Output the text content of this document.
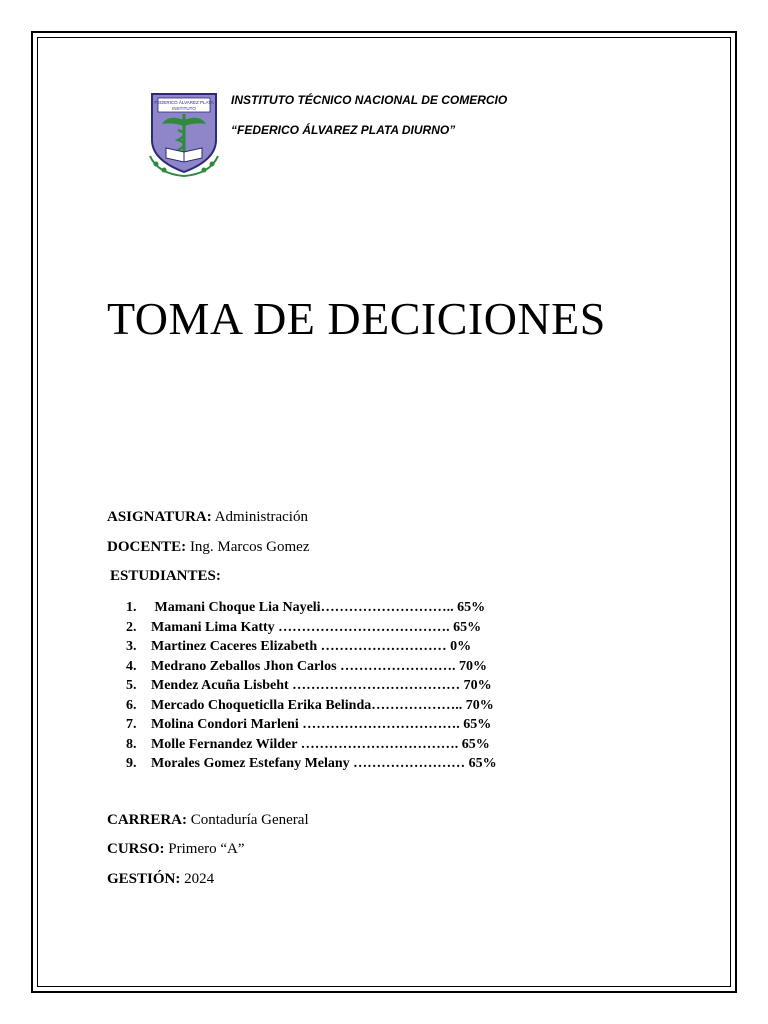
FEDERICO ÁLVAREZ PLATA
INSTITUTO
INSTITUTO TÉCNICO NACIONAL DE COMERCIO
“FEDERICO ÁLVAREZ PLATA DIURNO”
TOMA DE DECICIONES
ASIGNATURA: Administración
DOCENTE: Ing. Marcos Gomez
ESTUDIANTES:
1. Mamani Choque Lia Nayeli……………………….. 65%
2. Mamani Lima Katty ………………………………. 65%
3. Martinez Caceres Elizabeth ……………………… 0%
4. Medrano Zeballos Jhon Carlos ……………………. 70%
5. Mendez Acuña Lisbeht ……………………………… 70%
6. Mercado Choqueticlla Erika Belinda……………….. 70%
7. Molina Condori Marleni ……………………………. 65%
8. Molle Fernandez Wilder ……………………………. 65%
9. Morales Gomez Estefany Melany …………………… 65%
CARRERA: Contaduría General
CURSO: Primero “A”
GESTIÓN: 2024
